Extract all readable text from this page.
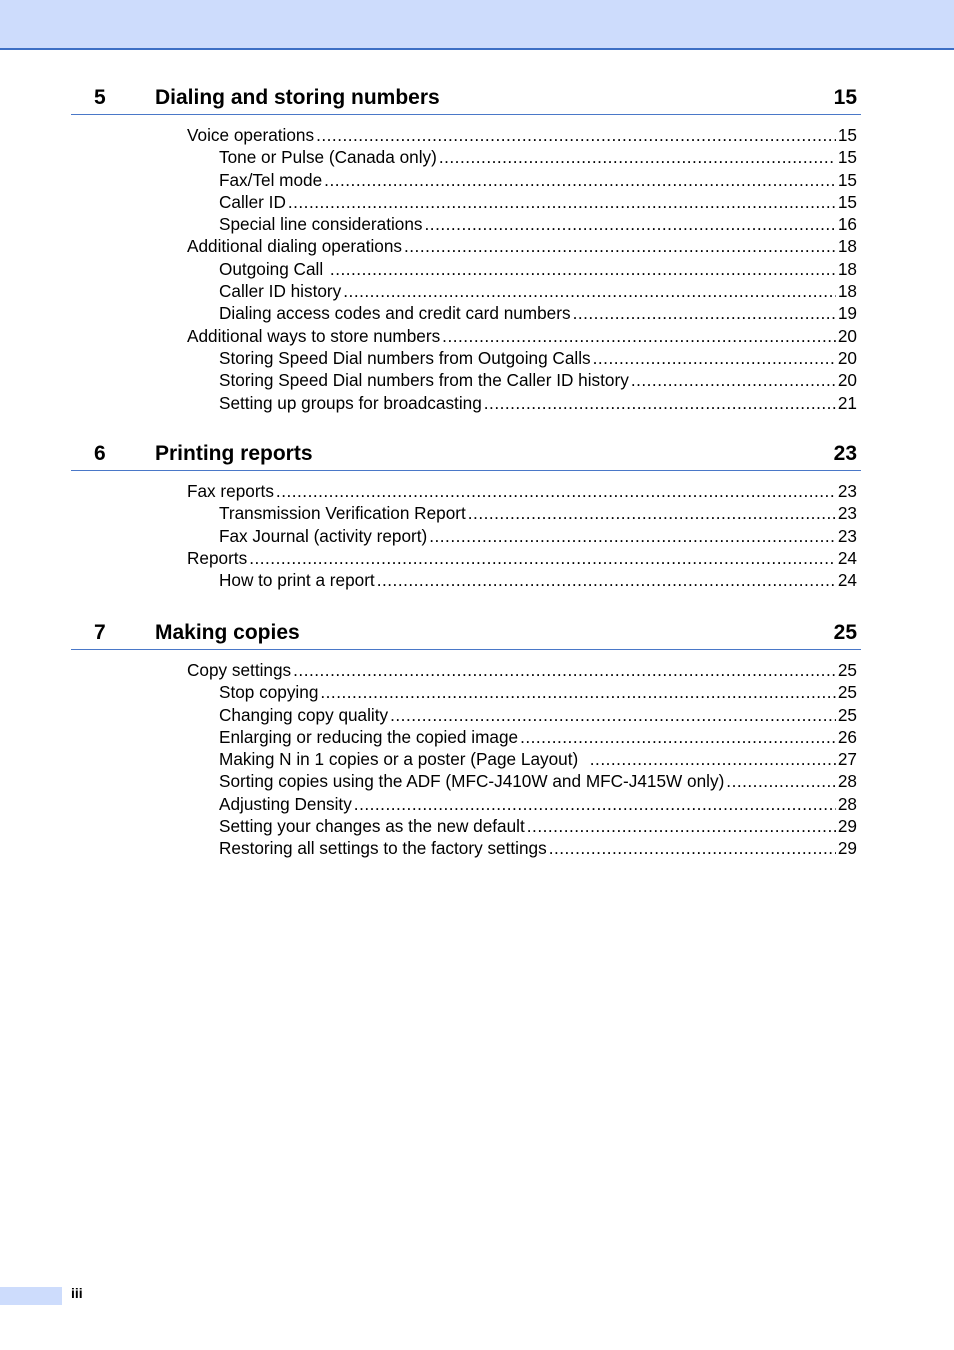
5 Dialing and storing numbers	15
Voice operations .....	15
Tone or Pulse (Canada only) .....	15
Fax/Tel mode .....	15
Caller ID .....	15
Special line considerations .....	16
Additional dialing operations .....	18
Outgoing Call .....	18
Caller ID history .....	18
Dialing access codes and credit card numbers .....	19
Additional ways to store numbers .....	20
Storing Speed Dial numbers from Outgoing Calls .....	20
Storing Speed Dial numbers from the Caller ID history .....	20
Setting up groups for broadcasting .....	21
6 Printing reports	23
Fax reports .....	23
Transmission Verification Report .....	23
Fax Journal (activity report) .....	23
Reports .....	24
How to print a report .....	24
7 Making copies	25
Copy settings .....	25
Stop copying .....	25
Changing copy quality .....	25
Enlarging or reducing the copied image .....	26
Making N in 1 copies or a poster (Page Layout) .....	27
Sorting copies using the ADF (MFC-J410W and MFC-J415W only) .....	28
Adjusting Density .....	28
Setting your changes as the new default .....	29
Restoring all settings to the factory settings .....	29
iii
